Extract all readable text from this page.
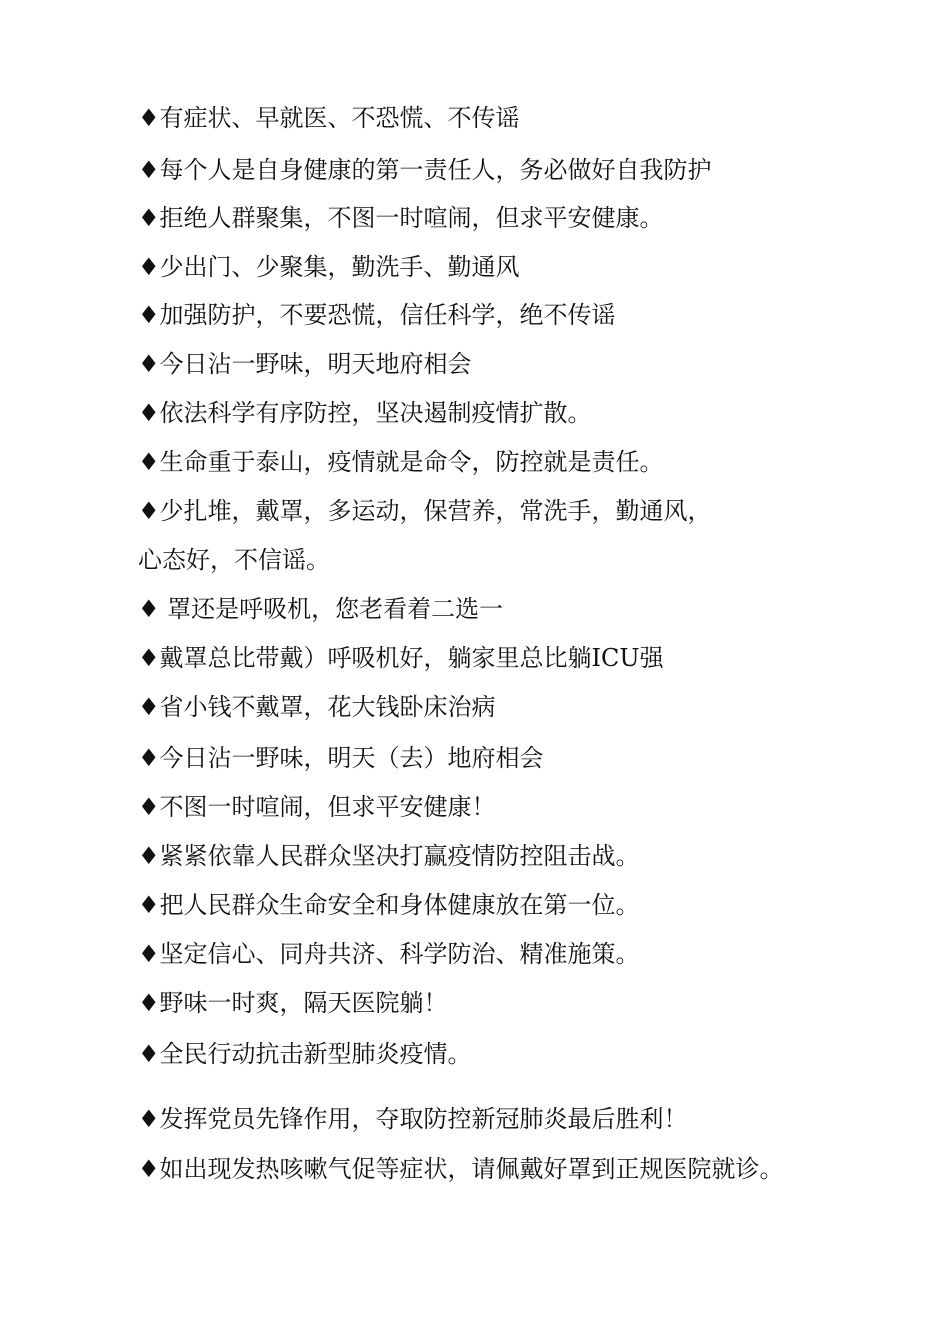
♦有症状、早就医、不恐慌、不传谣

♦每个人是自身健康的第一责任人，务必做好自我防护

♦拒绝人群聚集，不图一时喧闹，但求平安健康。

♦少出门、少聚集，勤洗手、勤通风

♦加强防护，不要恐慌，信任科学，绝不传谣

♦今日沾一野味，明天地府相会

♦依法科学有序防控，坚决遏制疫情扩散。

♦生命重于泰山，疫情就是命令，防控就是责任。

♦少扎堆，戴罩，多运动，保营养，常洗手，勤通风，

心态好，不信谣。

♦ 罩还是呼吸机，您老看着二选一

♦戴罩总比带戴）呼吸机好，躺家里总比躺ICU强

♦省小钱不戴罩，花大钱卧床治病

♦今日沾一野味，明天（去）地府相会

♦不图一时喧闹，但求平安健康！

♦紧紧依靠人民群众坚决打赢疫情防控阻击战。

♦把人民群众生命安全和身体健康放在第一位。

♦坚定信心、同舟共济、科学防治、精准施策。

♦野味一时爽，隔天医院躺！

♦全民行动抗击新型肺炎疫情。

♦发挥党员先锋作用，夺取防控新冠肺炎最后胜利！

♦如出现发热咳嗽气促等症状，请佩戴好罩到正规医院就诊。
